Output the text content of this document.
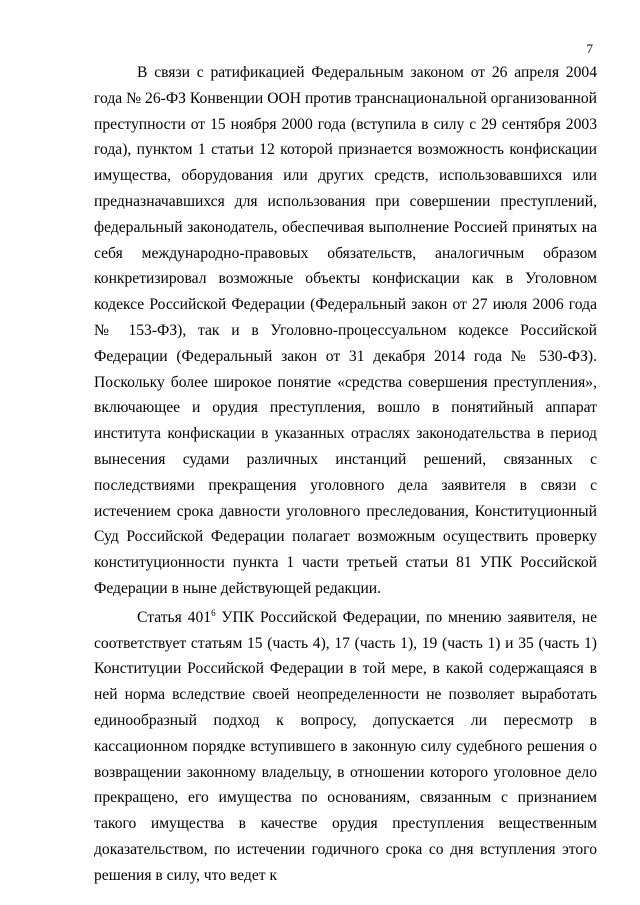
7

В связи с ратификацией Федеральным законом от 26 апреля 2004 года № 26-ФЗ Конвенции ООН против транснациональной организованной преступности от 15 ноября 2000 года (вступила в силу с 29 сентября 2003 года), пунктом 1 статьи 12 которой признается возможность конфискации имущества, оборудования или других средств, использовавшихся или предназначавшихся для использования при совершении преступлений, федеральный законодатель, обеспечивая выполнение Россией принятых на себя международно-правовых обязательств, аналогичным образом конкретизировал возможные объекты конфискации как в Уголовном кодексе Российской Федерации (Федеральный закон от 27 июля 2006 года № 153-ФЗ), так и в Уголовно-процессуальном кодексе Российской Федерации (Федеральный закон от 31 декабря 2014 года № 530-ФЗ). Поскольку более широкое понятие «средства совершения преступления», включающее и орудия преступления, вошло в понятийный аппарат института конфискации в указанных отраслях законодательства в период вынесения судами различных инстанций решений, связанных с последствиями прекращения уголовного дела заявителя в связи с истечением срока давности уголовного преследования, Конституционный Суд Российской Федерации полагает возможным осуществить проверку конституционности пункта 1 части третьей статьи 81 УПК Российской Федерации в ныне действующей редакции.

Статья $401^6$ УПК Российской Федерации, по мнению заявителя, не соответствует статьям 15 (часть 4), 17 (часть 1), 19 (часть 1) и 35 (часть 1) Конституции Российской Федерации в той мере, в какой содержащаяся в ней норма вследствие своей неопределенности не позволяет выработать единообразный подход к вопросу, допускается ли пересмотр в кассационном порядке вступившего в законную силу судебного решения о возвращении законному владельцу, в отношении которого уголовное дело прекращено, его имущества по основаниям, связанным с признанием такого имущества в качестве орудия преступления вещественным доказательством, по истечении годичного срока со дня вступления этого решения в силу, что ведет к
